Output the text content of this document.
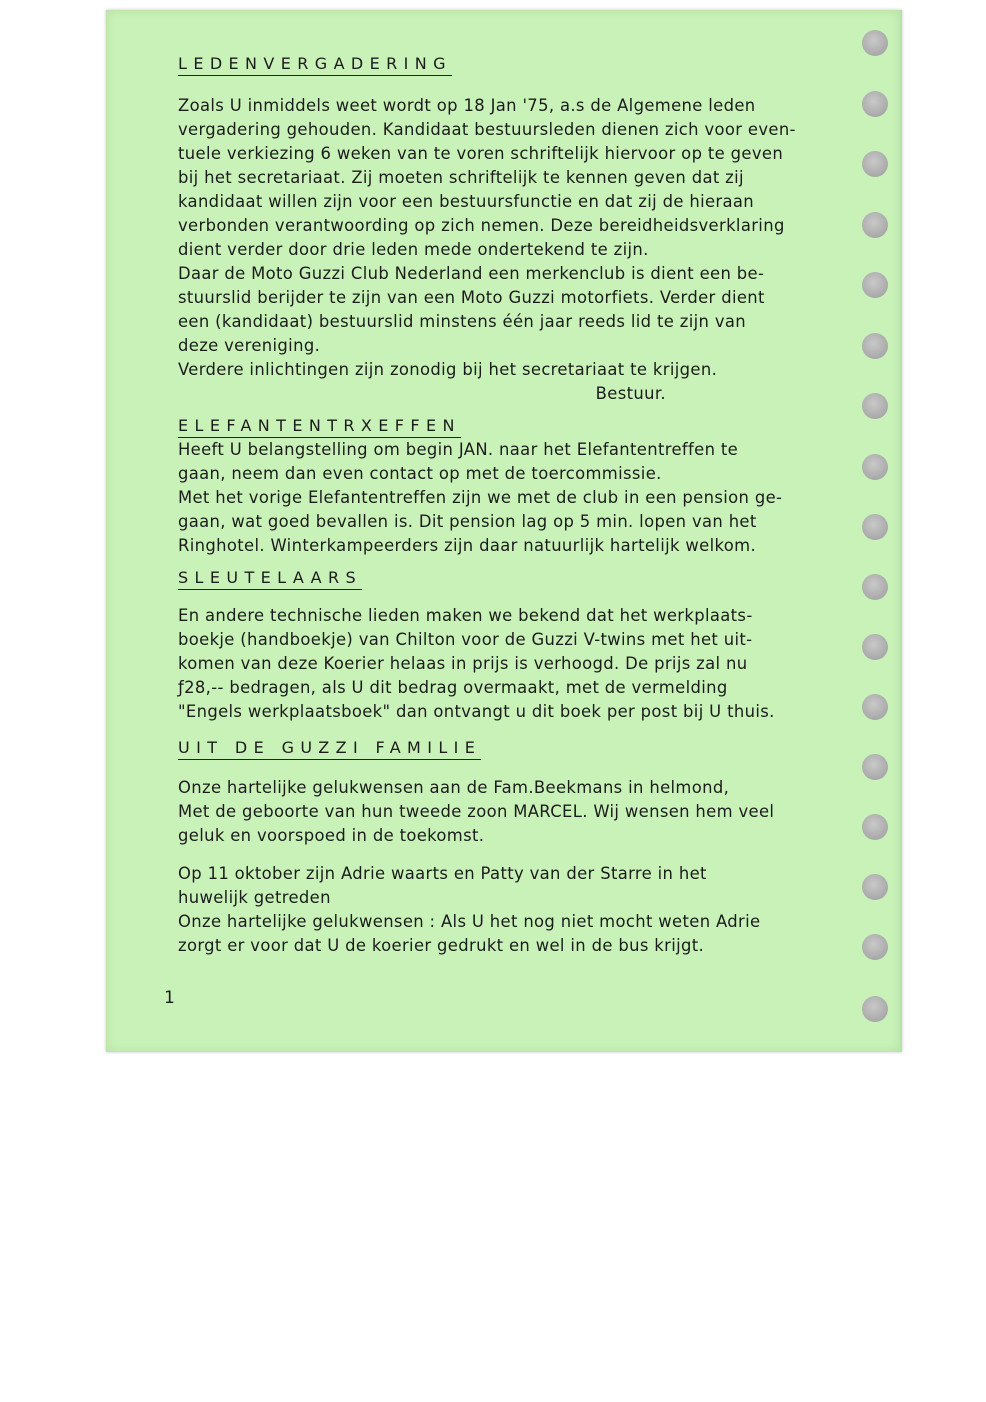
LEDENVERGADERING
Zoals U inmiddels weet wordt op 18 Jan '75, a.s de Algemene leden
vergadering gehouden. Kandidaat bestuursleden dienen zich voor even-
tuele verkiezing 6 weken van te voren schriftelijk hiervoor op te geven
bij het secretariaat. Zij moeten schriftelijk te kennen geven dat zij
kandidaat willen zijn voor een bestuursfunctie en dat zij de hieraan
verbonden verantwoording op zich nemen. Deze bereidheidsverklaring
dient verder door drie leden mede ondertekend te zijn.
Daar de Moto Guzzi Club Nederland een merkenclub is dient een be-
stuurslid berijder te zijn van een Moto Guzzi motorfiets. Verder dient
een (kandidaat) bestuurslid minstens één jaar reeds lid te zijn van
deze vereniging.
Verdere inlichtingen zijn zonodig bij het secretariaat te krijgen.
Bestuur.
ELEFANTENTRXEFFEN
Heeft U belangstelling om begin JAN. naar het Elefantentreffen te
gaan, neem dan even contact op met de toercommissie.
Met het vorige Elefantentreffen zijn we met de club in een pension ge-
gaan, wat goed bevallen is. Dit pension lag op 5 min. lopen van het
Ringhotel. Winterkampeerders zijn daar natuurlijk hartelijk welkom.
SLEUTELAARS
En andere technische lieden maken we bekend dat het werkplaats-
boekje (handboekje) van Chilton voor de Guzzi V-twins met het uit-
komen van deze Koerier helaas in prijs is verhoogd. De prijs zal nu
ƒ28,-- bedragen, als U dit bedrag overmaakt, met de vermelding
"Engels werkplaatsboek" dan ontvangt u dit boek per post bij U thuis.
UIT DE GUZZI FAMILIE
Onze hartelijke gelukwensen aan de Fam.Beekmans in helmond,
Met de geboorte van hun tweede zoon MARCEL. Wij wensen hem veel
geluk en voorspoed in de toekomst.
Op 11 oktober zijn Adrie waarts en Patty van der Starre in het
huwelijk getreden
Onze hartelijke gelukwensen : Als U het nog niet mocht weten Adrie
zorgt er voor dat U de koerier gedrukt en wel in de bus krijgt.
1
